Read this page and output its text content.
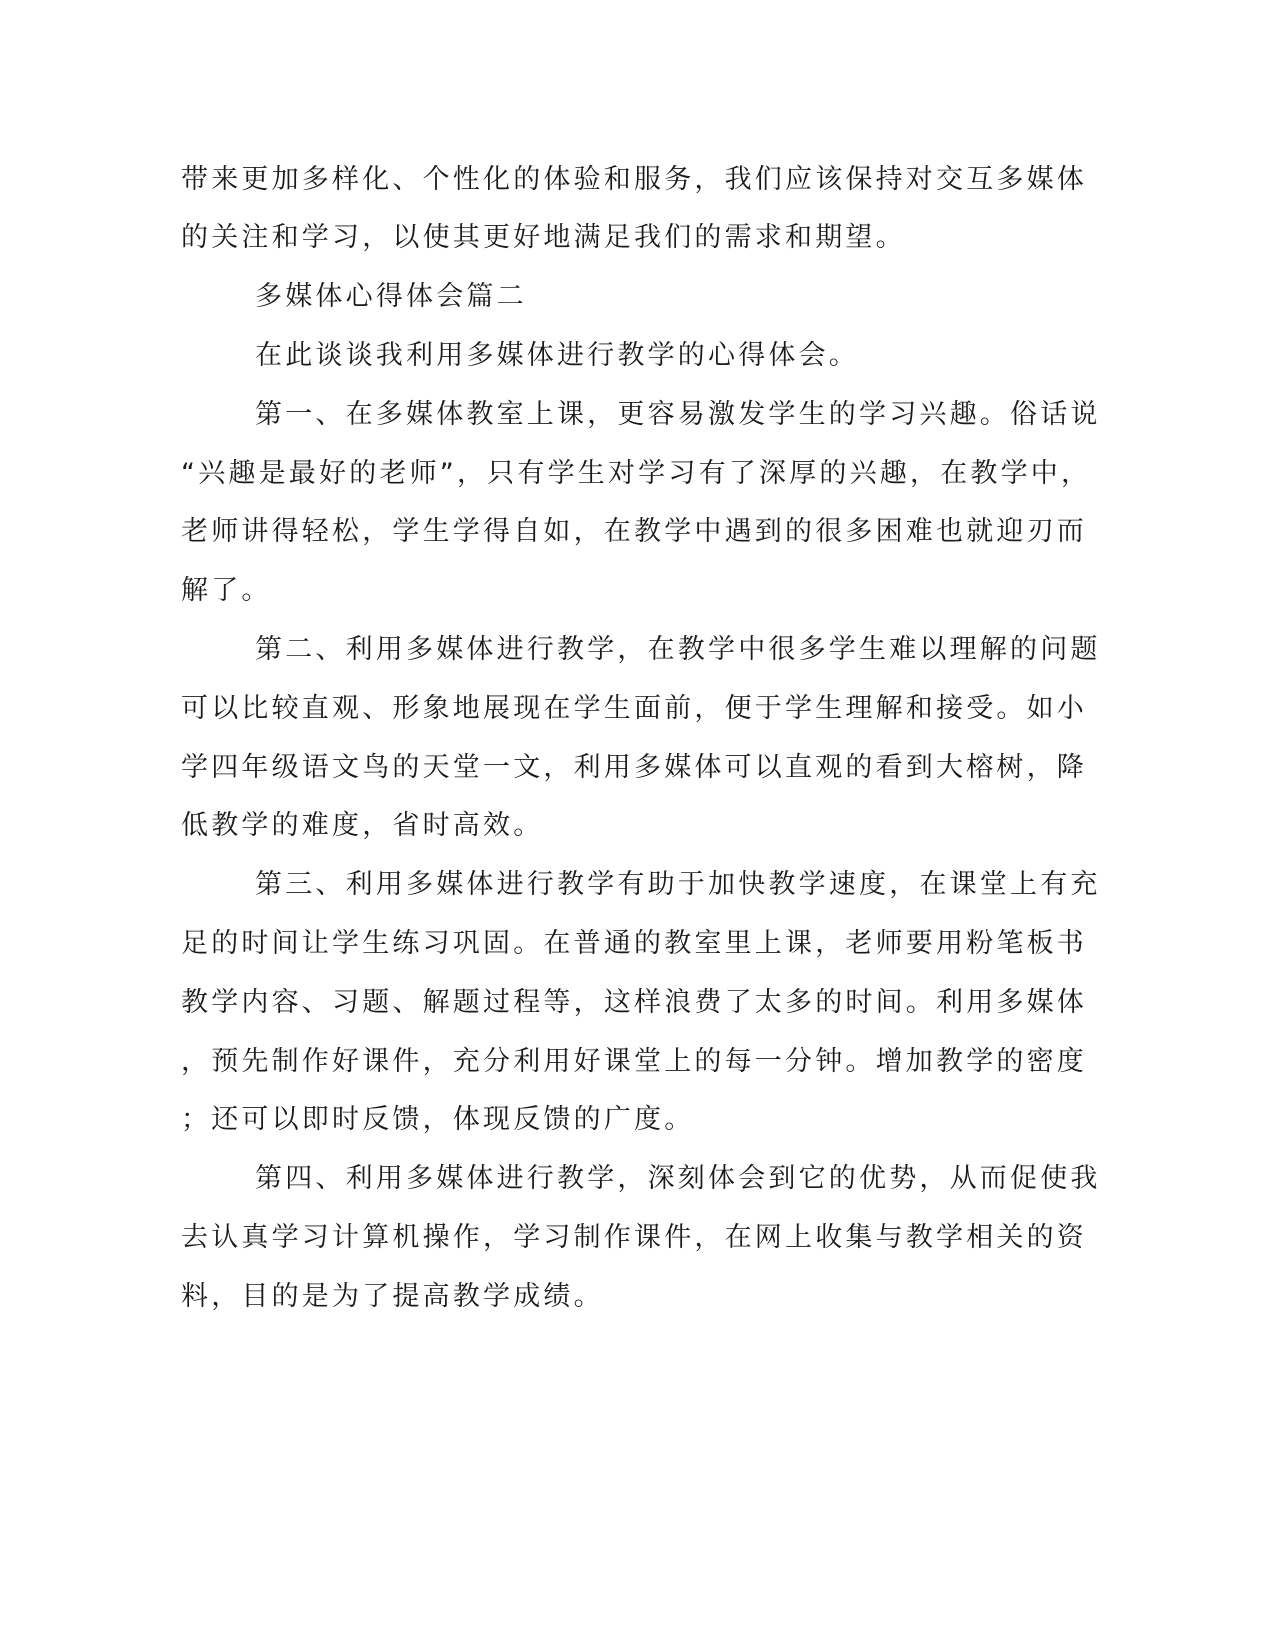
带来更加多样化、个性化的体验和服务，我们应该保持对交互多媒体
的关注和学习，以使其更好地满足我们的需求和期望。
多媒体心得体会篇二
在此谈谈我利用多媒体进行教学的心得体会。
第一、在多媒体教室上课，更容易激发学生的学习兴趣。俗话说
“兴趣是最好的老师”，只有学生对学习有了深厚的兴趣，在教学中，
老师讲得轻松，学生学得自如，在教学中遇到的很多困难也就迎刃而
解了。
第二、利用多媒体进行教学，在教学中很多学生难以理解的问题
可以比较直观、形象地展现在学生面前，便于学生理解和接受。如小
学四年级语文鸟的天堂一文，利用多媒体可以直观的看到大榕树，降
低教学的难度，省时高效。
第三、利用多媒体进行教学有助于加快教学速度，在课堂上有充
足的时间让学生练习巩固。在普通的教室里上课，老师要用粉笔板书
教学内容、习题、解题过程等，这样浪费了太多的时间。利用多媒体
，预先制作好课件，充分利用好课堂上的每一分钟。增加教学的密度
；还可以即时反馈，体现反馈的广度。
第四、利用多媒体进行教学，深刻体会到它的优势，从而促使我
去认真学习计算机操作，学习制作课件，在网上收集与教学相关的资
料，目的是为了提高教学成绩。
